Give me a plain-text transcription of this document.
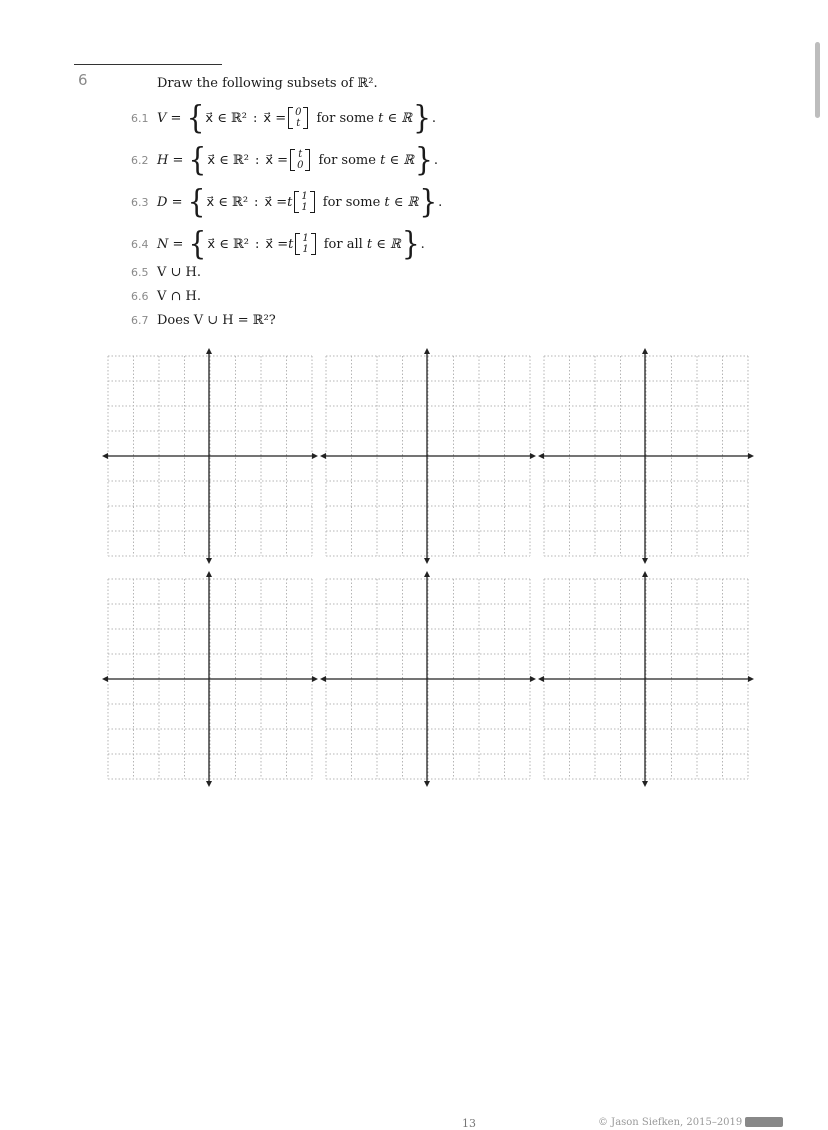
6	Draw the following subsets of ℝ².
6.1 V = { x⃗ ∈ ℝ² : x⃗ = 0
t for some
t ∈ ℝ } .
6.2 H = { x⃗ ∈ ℝ² : x⃗ = t
0 for some
t ∈ ℝ } .
6.3 D = { x⃗ ∈ ℝ² : x⃗ = t 1
1 for some
t ∈ ℝ } .
6.4 N = { x⃗ ∈ ℝ² : x⃗ = t 1
1 for all
t ∈ ℝ } .
6.5 V ∪ H.
6.6 V ∩ H.
6.7 Does V ∪ H = ℝ²?
13	© Jason Siefken, 2015–2019
